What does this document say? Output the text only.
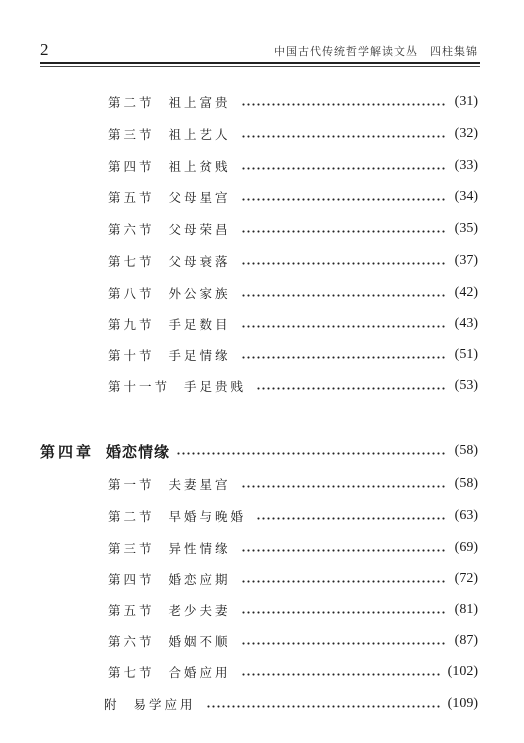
2	中国古代传统哲学解读文丛　四柱集锦
第二节 祖上富贵	(31)
第三节 祖上艺人	(32)
第四节 祖上贫贱	(33)
第五节 父母星宫	(34)
第六节 父母荣昌	(35)
第七节 父母衰落	(37)
第八节 外公家族	(42)
第九节 手足数目	(43)
第十节 手足情缘	(51)
第十一节 手足贵贱	(53)
第四章 婚恋情缘	(58)
第一节 夫妻星宫	(58)
第二节 早婚与晚婚	(63)
第三节 异性情缘	(69)
第四节 婚恋应期	(72)
第五节 老少夫妻	(81)
第六节 婚姻不顺	(87)
第七节 合婚应用	(102)
附 易学应用	(109)
